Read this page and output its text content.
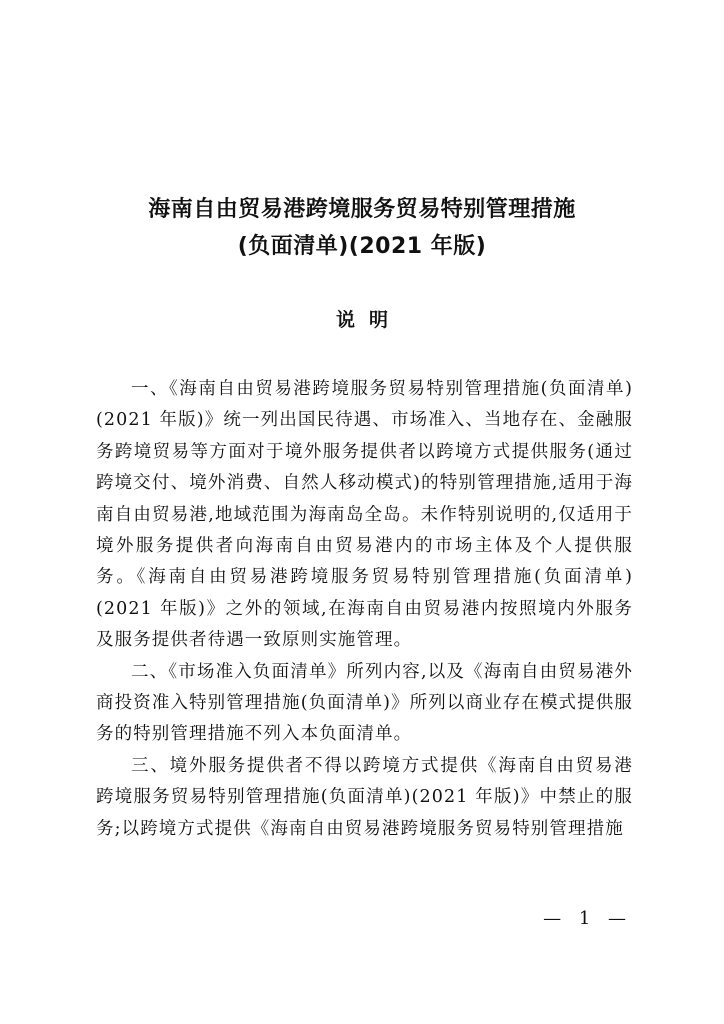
海南自由贸易港跨境服务贸易特别管理措施
(负面清单)(2021 年版)
说明

一、《海南自由贸易港跨境服务贸易特别管理措施(负面清单)(2021 年版)》统一列出国民待遇、市场准入、当地存在、金融服务跨境贸易等方面对于境外服务提供者以跨境方式提供服务(通过跨境交付、境外消费、自然人移动模式)的特别管理措施,适用于海南自由贸易港,地域范围为海南岛全岛。未作特别说明的,仅适用于境外服务提供者向海南自由贸易港内的市场主体及个人提供服务。《海南自由贸易港跨境服务贸易特别管理措施(负面清单)(2021 年版)》之外的领域,在海南自由贸易港内按照境内外服务及服务提供者待遇一致原则实施管理。

二、《市场准入负面清单》所列内容,以及《海南自由贸易港外商投资准入特别管理措施(负面清单)》所列以商业存在模式提供服务的特别管理措施不列入本负面清单。

三、境外服务提供者不得以跨境方式提供《海南自由贸易港跨境服务贸易特别管理措施(负面清单)(2021 年版)》中禁止的服务;以跨境方式提供《海南自由贸易港跨境服务贸易特别管理措施

— 1 —
